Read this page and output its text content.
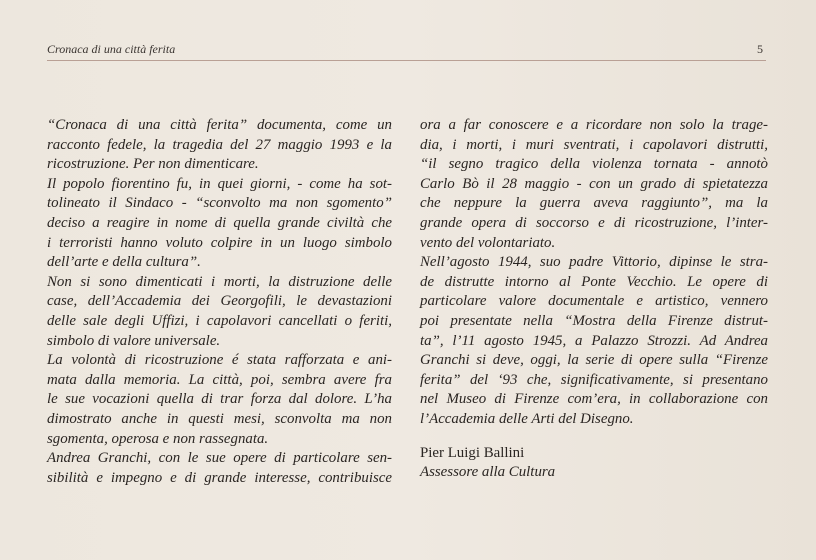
Cronaca di una città ferita	5
“Cronaca di una città ferita” documenta, come un
racconto fedele, la tragedia del 27 maggio 1993 e la
ricostruzione. Per non dimenticare.
Il popolo fiorentino fu, in quei giorni, - come ha sot-
tolineato il Sindaco - “sconvolto ma non sgomento”
deciso a reagire in nome di quella grande civiltà che
i terroristi hanno voluto colpire in un luogo simbolo
dell’arte e della cultura”.
Non si sono dimenticati i morti, la distruzione delle
case, dell’Accademia dei Georgofili, le devastazioni
delle sale degli Uffizi, i capolavori cancellati o feriti,
simbolo di valore universale.
La volontà di ricostruzione é stata rafforzata e ani-
mata dalla memoria. La città, poi, sembra avere fra
le sue vocazioni quella di trar forza dal dolore. L’ha
dimostrato anche in questi mesi, sconvolta ma non
sgomenta, operosa e non rassegnata.
Andrea Granchi, con le sue opere di particolare sen-
sibilità e impegno e di grande interesse, contribuisce
ora a far conoscere e a ricordare non solo la trage-
dia, i morti, i muri sventrati, i capolavori distrutti,
“il segno tragico della violenza tornata - annotò
Carlo Bò il 28 maggio - con un grado di spietatezza
che neppure la guerra aveva raggiunto”, ma la
grande opera di soccorso e di ricostruzione, l’inter-
vento del volontariato.
Nell’agosto 1944, suo padre Vittorio, dipinse le stra-
de distrutte intorno al Ponte Vecchio. Le opere di
particolare valore documentale e artistico, vennero
poi presentate nella “Mostra della Firenze distrut-
ta”, l’11 agosto 1945, a Palazzo Strozzi. Ad Andrea
Granchi si deve, oggi, la serie di opere sulla “Firenze
ferita” del ‘93 che, significativamente, si presentano
nel Museo di Firenze com’era, in collaborazione con
l’Accademia delle Arti del Disegno.
Pier Luigi Ballini
Assessore alla Cultura
